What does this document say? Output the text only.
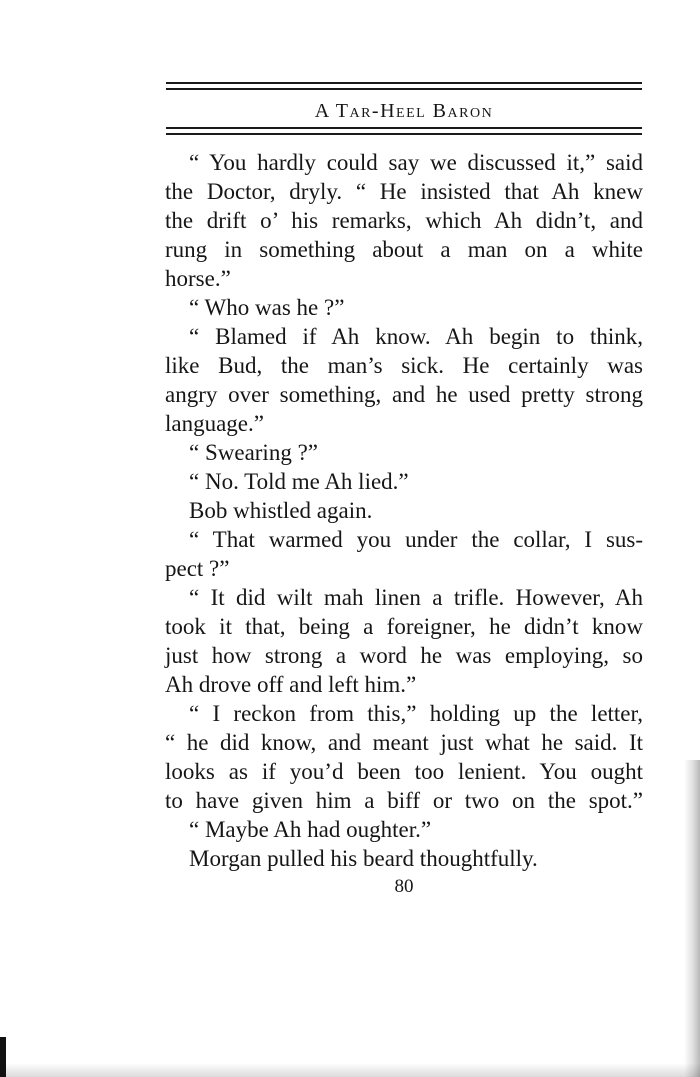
A Tar-Heel Baron
“ You hardly could say we discussed it,” said
the Doctor, dryly. “ He insisted that Ah knew
the drift o’ his remarks, which Ah didn’t, and
rung in something about a man on a white
horse.”
“ Who was he ?”
“ Blamed if Ah know. Ah begin to think,
like Bud, the man’s sick. He certainly was
angry over something, and he used pretty strong
language.”
“ Swearing ?”
“ No. Told me Ah lied.”
Bob whistled again.
“ That warmed you under the collar, I sus-
pect ?”
“ It did wilt mah linen a trifle. However, Ah
took it that, being a foreigner, he didn’t know
just how strong a word he was employing, so
Ah drove off and left him.”
“ I reckon from this,” holding up the letter,
“ he did know, and meant just what he said. It
looks as if you’d been too lenient. You ought
to have given him a biff or two on the spot.”
“ Maybe Ah had oughter.”
Morgan pulled his beard thoughtfully.
80
